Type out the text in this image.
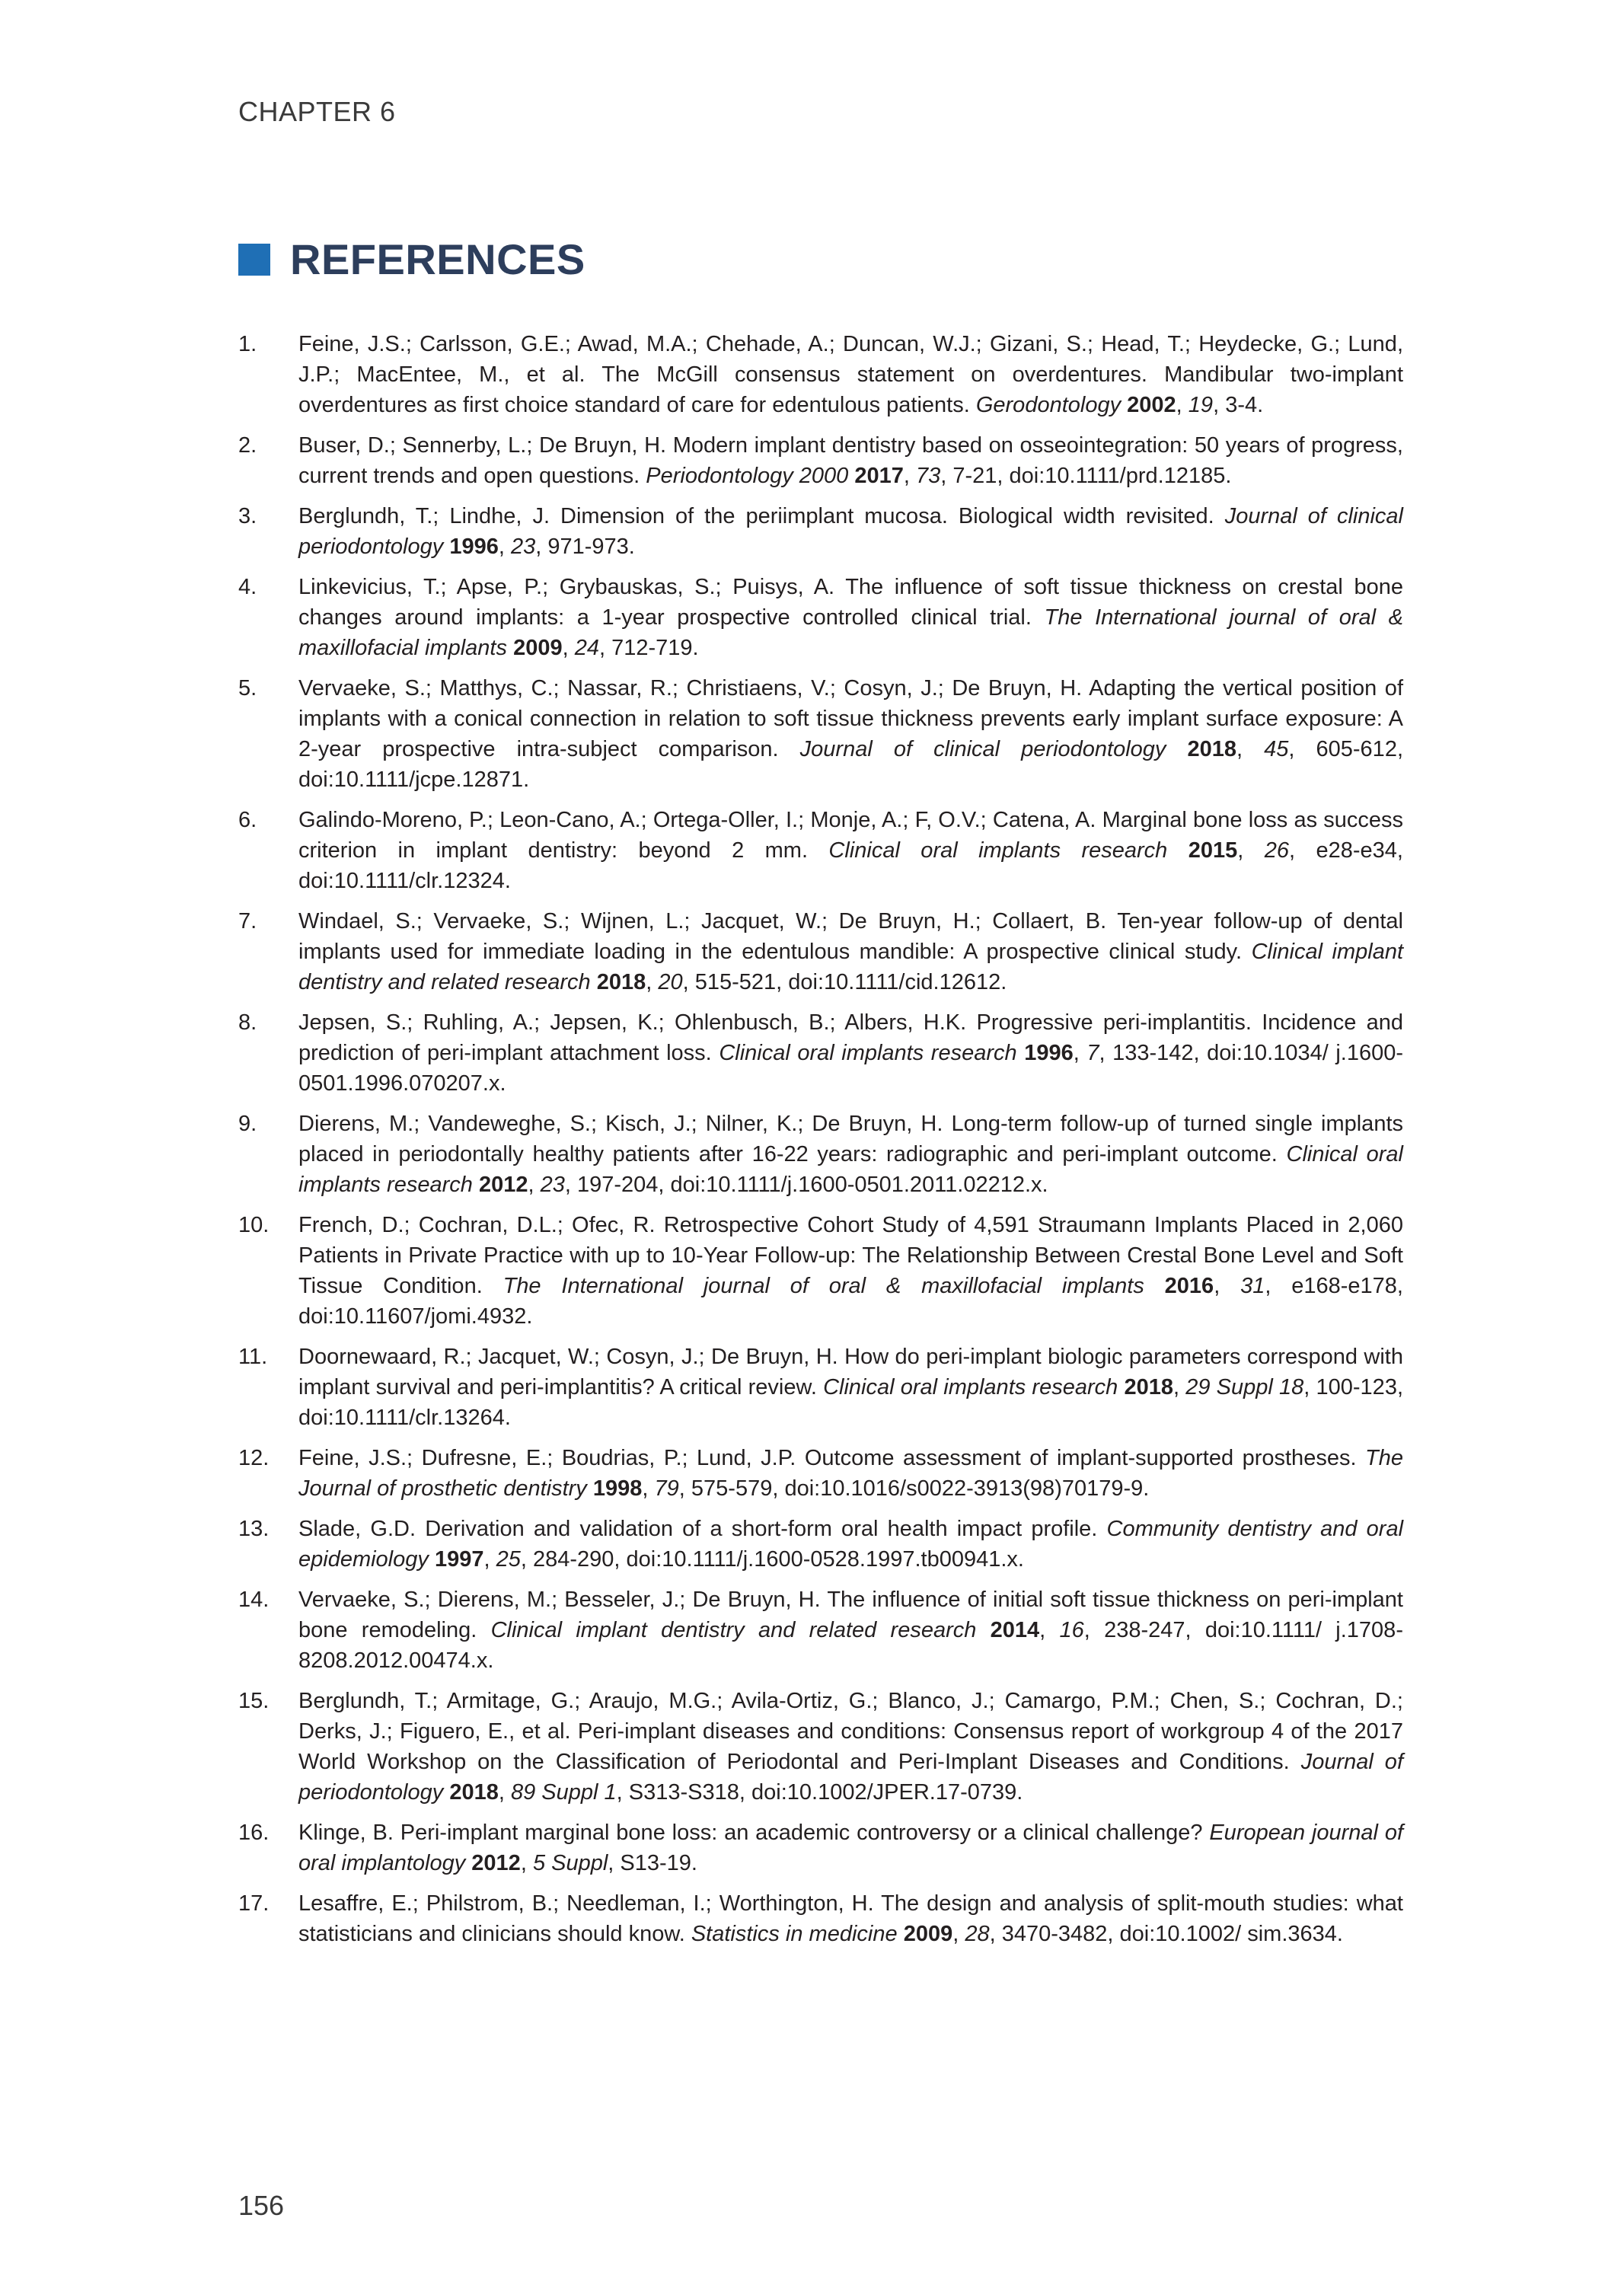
CHAPTER 6
REFERENCES
1.	Feine, J.S.; Carlsson, G.E.; Awad, M.A.; Chehade, A.; Duncan, W.J.; Gizani, S.; Head, T.; Heydecke, G.; Lund, J.P.; MacEntee, M., et al. The McGill consensus statement on overdentures. Mandibular two-implant overdentures as first choice standard of care for edentulous patients. Gerodontology 2002, 19, 3-4.
2.	Buser, D.; Sennerby, L.; De Bruyn, H. Modern implant dentistry based on osseointegration: 50 years of progress, current trends and open questions. Periodontology 2000 2017, 73, 7-21, doi:10.1111/prd.12185.
3.	Berglundh, T.; Lindhe, J. Dimension of the periimplant mucosa. Biological width revisited. Journal of clinical periodontology 1996, 23, 971-973.
4.	Linkevicius, T.; Apse, P.; Grybauskas, S.; Puisys, A. The influence of soft tissue thickness on crestal bone changes around implants: a 1-year prospective controlled clinical trial. The International journal of oral & maxillofacial implants 2009, 24, 712-719.
5.	Vervaeke, S.; Matthys, C.; Nassar, R.; Christiaens, V.; Cosyn, J.; De Bruyn, H. Adapting the vertical position of implants with a conical connection in relation to soft tissue thickness prevents early implant surface exposure: A 2-year prospective intra-subject comparison. Journal of clinical periodontology 2018, 45, 605-612, doi:10.1111/jcpe.12871.
6.	Galindo-Moreno, P.; Leon-Cano, A.; Ortega-Oller, I.; Monje, A.; F, O.V.; Catena, A. Marginal bone loss as success criterion in implant dentistry: beyond 2 mm. Clinical oral implants research 2015, 26, e28-e34, doi:10.1111/clr.12324.
7.	Windael, S.; Vervaeke, S.; Wijnen, L.; Jacquet, W.; De Bruyn, H.; Collaert, B. Ten-year follow-up of dental implants used for immediate loading in the edentulous mandible: A prospective clinical study. Clinical implant dentistry and related research 2018, 20, 515-521, doi:10.1111/cid.12612.
8.	Jepsen, S.; Ruhling, A.; Jepsen, K.; Ohlenbusch, B.; Albers, H.K. Progressive peri-implantitis. Incidence and prediction of peri-implant attachment loss. Clinical oral implants research 1996, 7, 133-142, doi:10.1034/ j.1600-0501.1996.070207.x.
9.	Dierens, M.; Vandeweghe, S.; Kisch, J.; Nilner, K.; De Bruyn, H. Long-term follow-up of turned single implants placed in periodontally healthy patients after 16-22 years: radiographic and peri-implant outcome. Clinical oral implants research 2012, 23, 197-204, doi:10.1111/j.1600-0501.2011.02212.x.
10.	French, D.; Cochran, D.L.; Ofec, R. Retrospective Cohort Study of 4,591 Straumann Implants Placed in 2,060 Patients in Private Practice with up to 10-Year Follow-up: The Relationship Between Crestal Bone Level and Soft Tissue Condition. The International journal of oral & maxillofacial implants 2016, 31, e168-e178, doi:10.11607/jomi.4932.
11.	Doornewaard, R.; Jacquet, W.; Cosyn, J.; De Bruyn, H. How do peri-implant biologic parameters correspond with implant survival and peri-implantitis? A critical review. Clinical oral implants research 2018, 29 Suppl 18, 100-123, doi:10.1111/clr.13264.
12.	Feine, J.S.; Dufresne, E.; Boudrias, P.; Lund, J.P. Outcome assessment of implant-supported prostheses. The Journal of prosthetic dentistry 1998, 79, 575-579, doi:10.1016/s0022-3913(98)70179-9.
13.	Slade, G.D. Derivation and validation of a short-form oral health impact profile. Community dentistry and oral epidemiology 1997, 25, 284-290, doi:10.1111/j.1600-0528.1997.tb00941.x.
14.	Vervaeke, S.; Dierens, M.; Besseler, J.; De Bruyn, H. The influence of initial soft tissue thickness on peri-implant bone remodeling. Clinical implant dentistry and related research 2014, 16, 238-247, doi:10.1111/ j.1708-8208.2012.00474.x.
15.	Berglundh, T.; Armitage, G.; Araujo, M.G.; Avila-Ortiz, G.; Blanco, J.; Camargo, P.M.; Chen, S.; Cochran, D.; Derks, J.; Figuero, E., et al. Peri-implant diseases and conditions: Consensus report of workgroup 4 of the 2017 World Workshop on the Classification of Periodontal and Peri-Implant Diseases and Conditions. Journal of periodontology 2018, 89 Suppl 1, S313-S318, doi:10.1002/JPER.17-0739.
16.	Klinge, B. Peri-implant marginal bone loss: an academic controversy or a clinical challenge? European journal of oral implantology 2012, 5 Suppl, S13-19.
17.	Lesaffre, E.; Philstrom, B.; Needleman, I.; Worthington, H. The design and analysis of split-mouth studies: what statisticians and clinicians should know. Statistics in medicine 2009, 28, 3470-3482, doi:10.1002/ sim.3634.
156
